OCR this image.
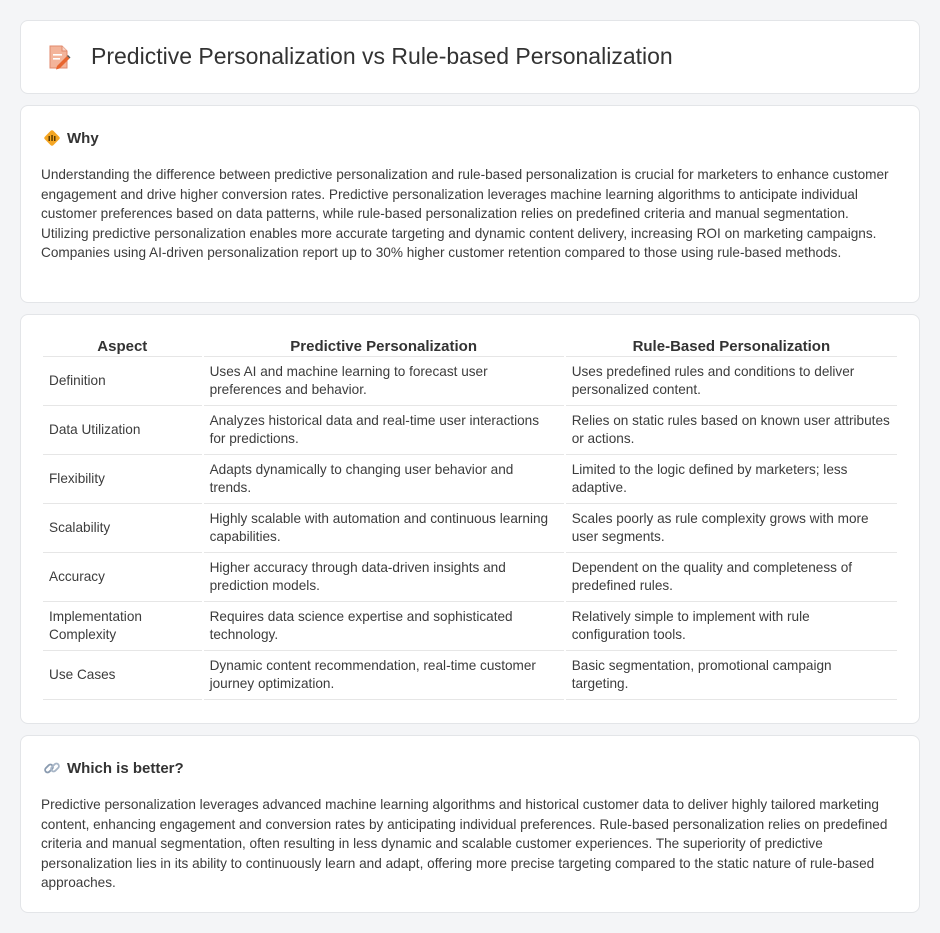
Predictive Personalization vs Rule-based Personalization
Why

Understanding the difference between predictive personalization and rule-based personalization is crucial for marketers to enhance customer engagement and drive higher conversion rates. Predictive personalization leverages machine learning algorithms to anticipate individual customer preferences based on data patterns, while rule-based personalization relies on predefined criteria and manual segmentation. Utilizing predictive personalization enables more accurate targeting and dynamic content delivery, increasing ROI on marketing campaigns. Companies using AI-driven personalization report up to 30% higher customer retention compared to those using rule-based methods.

Aspect	Predictive Personalization	Rule-Based Personalization
Definition	Uses AI and machine learning to forecast user preferences and behavior.	Uses predefined rules and conditions to deliver personalized content.
Data Utilization	Analyzes historical data and real-time user interactions for predictions.	Relies on static rules based on known user attributes or actions.
Flexibility	Adapts dynamically to changing user behavior and trends.	Limited to the logic defined by marketers; less adaptive.
Scalability	Highly scalable with automation and continuous learning capabilities.	Scales poorly as rule complexity grows with more user segments.
Accuracy	Higher accuracy through data-driven insights and prediction models.	Dependent on the quality and completeness of predefined rules.
Implementation Complexity	Requires data science expertise and sophisticated technology.	Relatively simple to implement with rule configuration tools.
Use Cases	Dynamic content recommendation, real-time customer journey optimization.	Basic segmentation, promotional campaign targeting.
Which is better?

Predictive personalization leverages advanced machine learning algorithms and historical customer data to deliver highly tailored marketing content, enhancing engagement and conversion rates by anticipating individual preferences. Rule-based personalization relies on predefined criteria and manual segmentation, often resulting in less dynamic and scalable customer experiences. The superiority of predictive personalization lies in its ability to continuously learn and adapt, offering more precise targeting compared to the static nature of rule-based approaches.
